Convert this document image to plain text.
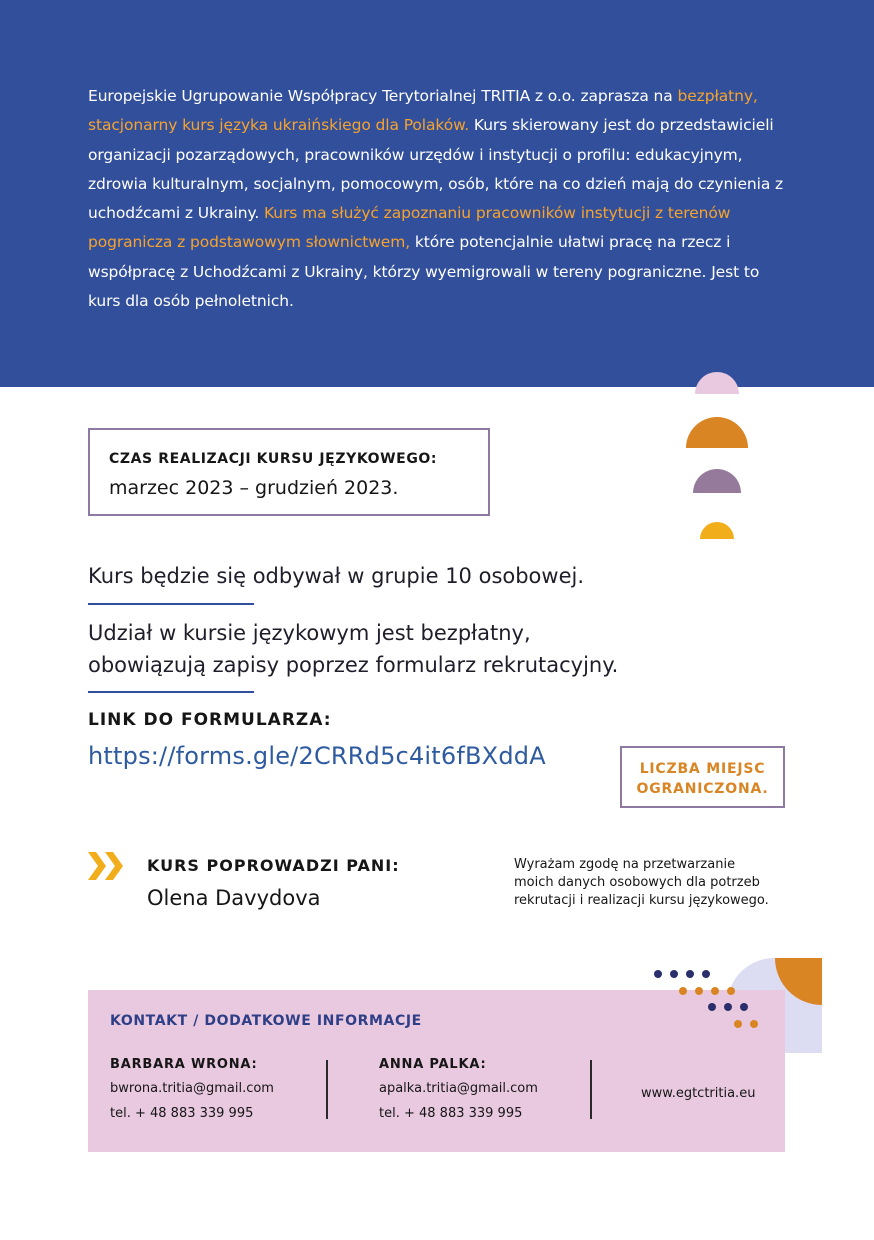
Europejskie Ugrupowanie Współpracy Terytorialnej TRITIA z o.o. zaprasza na bezpłatny, stacjonarny kurs języka ukraińskiego dla Polaków. Kurs skierowany jest do przedstawicieli organizacji pozarządowych, pracowników urzędów i instytucji o profilu: edukacyjnym, zdrowia kulturalnym, socjalnym, pomocowym, osób, które na co dzień mają do czynienia z uchodźcami z Ukrainy. Kurs ma służyć zapoznaniu pracowników instytucji z terenów pogranicza z podstawowym słownictwem, które potencjalnie ułatwi pracę na rzecz i współpracę z Uchodźcami z Ukrainy, którzy wyemigrowali w tereny pograniczne. Jest to kurs dla osób pełnoletnich.

CZAS REALIZACJI KURSU JĘZYKOWEGO:
marzec 2023 – grudzień 2023.
Kurs będzie się odbywał w grupie 10 osobowej.
Udział w kursie językowym jest bezpłatny,
obowiązują zapisy poprzez formularz rekrutacyjny.
LINK DO FORMULARZA:
https://forms.gle/2CRRd5c4it6fBXddA	LICZBA MIEJSC
OGRANICZONA.
KURS POPROWADZI PANI:
Olena Davydova
Wyrażam zgodę na przetwarzanie
moich danych osobowych dla potrzeb
rekrutacji i realizacji kursu językowego.
KONTAKT / DODATKOWE INFORMACJE
BARBARA WRONA:
bwrona.tritia@gmail.com
tel. + 48 883 339 995
ANNA PALKA:
apalka.tritia@gmail.com
tel. + 48 883 339 995
www.egtctritia.eu
